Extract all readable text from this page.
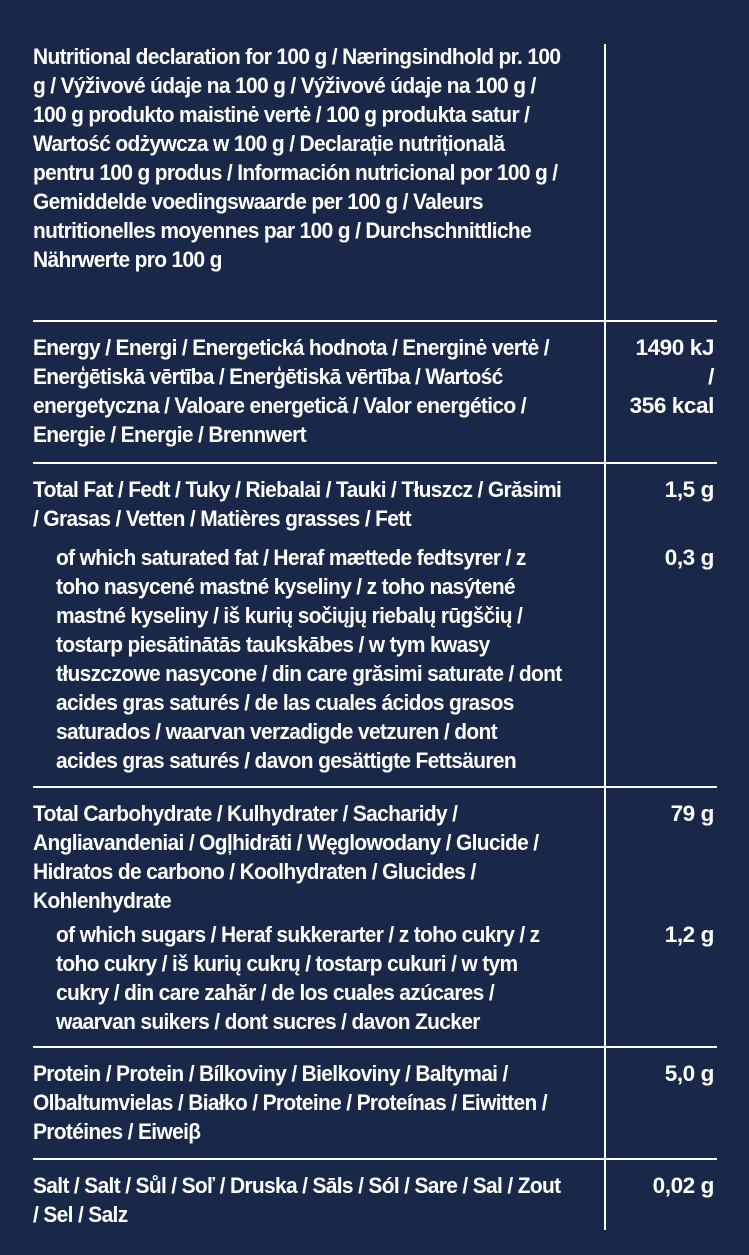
Nutritional declaration for 100 g / Næringsindhold pr. 100 g / Výživové údaje na 100 g / Výživové údaje na 100 g / 100 g produkto maistinė vertė / 100 g produkta satur / Wartość odżywcza w 100 g / Declarație nutrițională pentru 100 g produs / Información nutricional por 100 g / Gemiddelde voedingswaarde per 100 g / Valeurs nutritionelles moyennes par 100 g / Durchschnittliche Nährwerte pro 100 g
Energy / Energi / Energetická hodnota / Energinė vertė / Enerģētiskā vērtība / Enerģētiskā vērtība / Wartość energetyczna / Valoare energetică / Valor energético / Energie / Energie / Brennwert
1490 kJ
/
356 kcal
Total Fat / Fedt / Tuky / Riebalai / Tauki / Tłuszcz / Grăsimi / Grasas / Vetten / Matières grasses / Fett
1,5 g
of which saturated fat / Heraf mættede fedtsyrer / z toho nasycené mastné kyseliny / z toho nasýtené mastné kyseliny / iš kurių sočiųjų riebalų rūgščių / tostarp piesātinātās taukskābes / w tym kwasy tłuszczowe nasycone / din care grăsimi saturate / dont acides gras saturés / de las cuales ácidos grasos saturados / waarvan verzadigde vetzuren / dont acides gras saturés / davon gesättigte Fettsäuren
0,3 g
Total Carbohydrate / Kulhydrater / Sacharidy / Angliavandeniai / Ogļhidrāti / Węglowodany / Glucide / Hidratos de carbono / Koolhydraten / Glucides / Kohlenhydrate
79 g
of which sugars / Heraf sukkerarter / z toho cukry / z toho cukry / iš kurių cukrų / tostarp cukuri / w tym cukry / din care zahăr / de los cuales azúcares / waarvan suikers / dont sucres / davon Zucker
1,2 g
Protein / Protein / Bílkoviny / Bielkoviny / Baltymai / Olbaltumvielas / Białko / Proteine / Proteínas / Eiwitten / Protéines / Eiweiβ
5,0 g
Salt / Salt / Sůl / Soľ / Druska / Sāls / Sól / Sare / Sal / Zout / Sel / Salz
0,02 g
